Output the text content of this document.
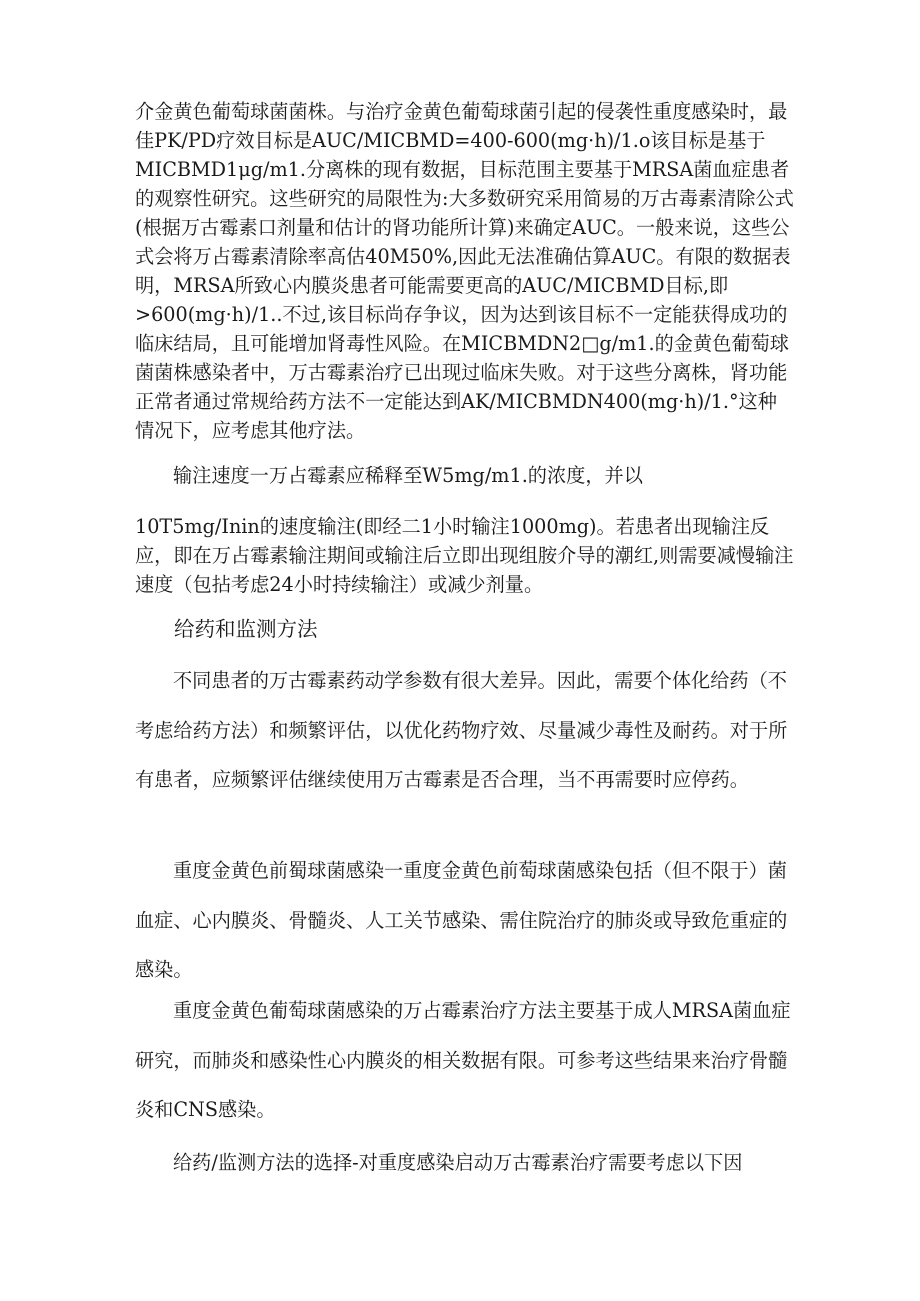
介金黄色葡萄球菌菌株。与治疗金黄色葡萄球菌引起的侵袭性重度感染时，最佳PK/PD疗效目标是AUC/MICBMD=400-600(mg·h)/1.o该目标是基于MICBMD1μg/m1.分离株的现有数据，目标范围主要基于MRSA菌血症患者的观察性研究。这些研究的局限性为:大多数研究采用简易的万古毒素清除公式(根据万古霉素口剂量和估计的肾功能所计算)来确定AUC。一般来说，这些公式会将万占霉素清除率高估40M50%,因此无法准确估算AUC。有限的数据表明，MRSA所致心内膜炎患者可能需要更高的AUC/MICBMD目标,即>600(mg·h)/1..不过,该目标尚存争议，因为达到该目标不一定能获得成功的临床结局，且可能增加肾毒性风险。在MICBMDN2□g/m1.的金黄色葡萄球菌菌株感染者中，万古霉素治疗已出现过临床失败。对于这些分离株，肾功能正常者通过常规给药方法不一定能达到AK/MICBMDN400(mg·h)/1.°这种情况下，应考虑其他疗法。

输注速度一万占霉素应稀释至W5mg/m1.的浓度，并以

10T5mg/Inin的速度输注(即经二1小时输注1000mg)。若患者出现输注反应，即在万占霉素输注期间或输注后立即出现组胺介导的潮红,则需要减慢输注速度（包拈考虑24小时持续输注）或减少剂量。

给药和监测方法

不同患者的万古霉素药动学参数有很大差异。因此，需要个体化给药（不考虑给药方法）和频繁评估，以优化药物疗效、尽量减少毒性及耐药。对于所有患者，应频繁评估继续使用万古霉素是否合理，当不再需要时应停药。

重度金黄色前蜀球菌感染一重度金黄色前萄球菌感染包括（但不限于）菌血症、心内膜炎、骨髓炎、人工关节感染、需住院治疗的肺炎或导致危重症的感染。

重度金黄色葡萄球菌感染的万占霉素治疗方法主要基于成人MRSA菌血症研究，而肺炎和感染性心内膜炎的相关数据有限。可参考这些结果来治疗骨髓炎和CNS感染。

给药/监测方法的选择-对重度感染启动万古霉素治疗需要考虑以下因
